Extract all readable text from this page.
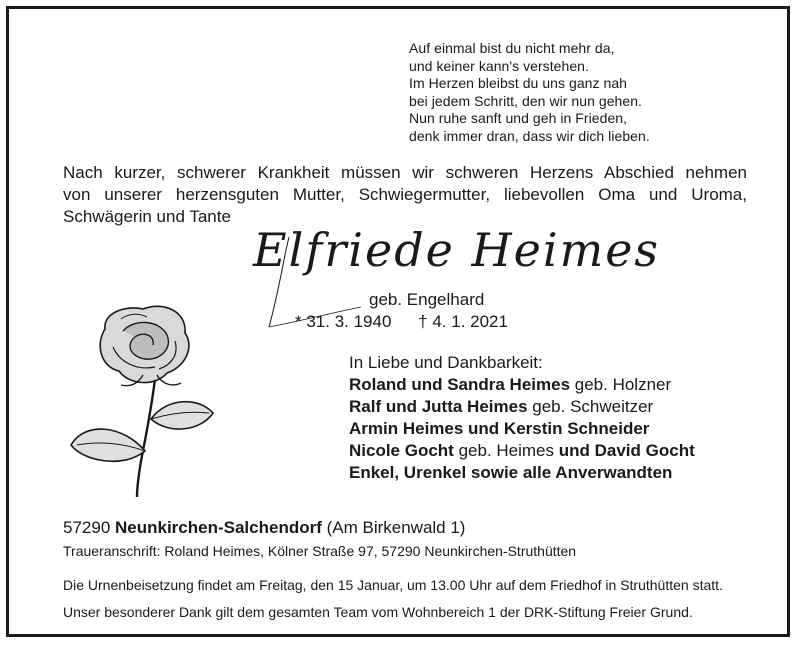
Auf einmal bist du nicht mehr da,
und keiner kann's verstehen.
Im Herzen bleibst du uns ganz nah
bei jedem Schritt, den wir nun gehen.
Nun ruhe sanft und geh in Frieden,
denk immer dran, dass wir dich lieben.
Nach kurzer, schwerer Krankheit müssen wir schweren Herzens Abschied nehmen
von unserer herzensguten Mutter, Schwiegermutter, liebevollen Oma und Uroma,
Schwägerin und Tante
Elfriede Heimes
geb. Engelhard
* 31. 3. 1940 † 4. 1. 2021
In Liebe und Dankbarkeit:
Roland und Sandra Heimes geb. Holzner
Ralf und Jutta Heimes geb. Schweitzer
Armin Heimes und Kerstin Schneider
Nicole Gocht geb. Heimes und David Gocht
Enkel, Urenkel sowie alle Anverwandten
57290 Neunkirchen-Salchendorf (Am Birkenwald 1)
Traueranschrift: Roland Heimes, Kölner Straße 97, 57290 Neunkirchen-Struthütten
Die Urnenbeisetzung findet am Freitag, den 15 Januar, um 13.00 Uhr auf dem Friedhof in Struthütten statt.
Unser besonderer Dank gilt dem gesamten Team vom Wohnbereich 1 der DRK-Stiftung Freier Grund.
